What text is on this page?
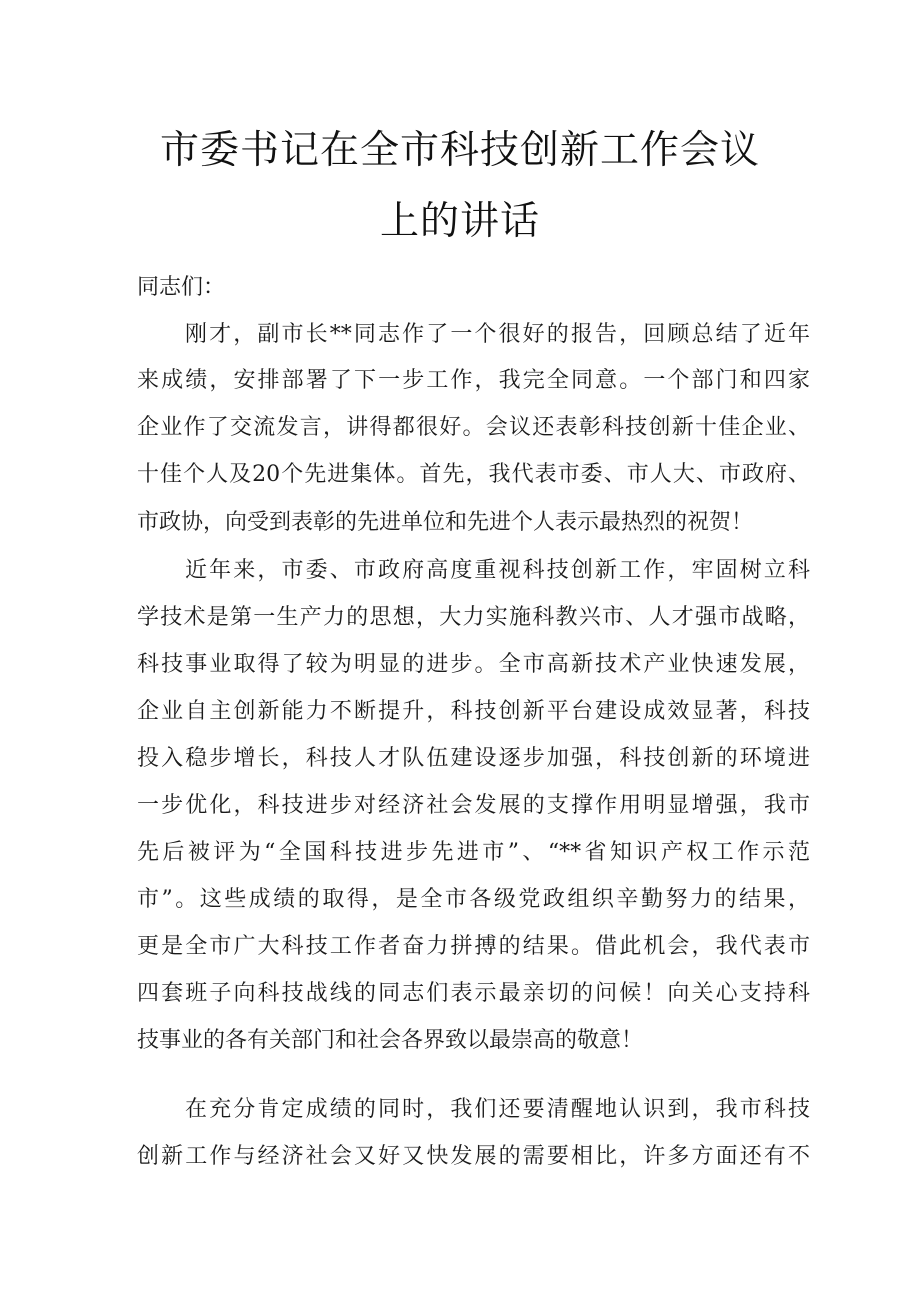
市委书记在全市科技创新工作会议
上的讲话
同志们：
刚才，副市长**同志作了一个很好的报告，回顾总结了近年
来成绩，安排部署了下一步工作，我完全同意。一个部门和四家
企业作了交流发言，讲得都很好。会议还表彰科技创新十佳企业、
十佳个人及20个先进集体。首先，我代表市委、市人大、市政府、
市政协，向受到表彰的先进单位和先进个人表示最热烈的祝贺！
近年来，市委、市政府高度重视科技创新工作，牢固树立科
学技术是第一生产力的思想，大力实施科教兴市、人才强市战略，
科技事业取得了较为明显的进步。全市高新技术产业快速发展，
企业自主创新能力不断提升，科技创新平台建设成效显著，科技
投入稳步增长，科技人才队伍建设逐步加强，科技创新的环境进
一步优化，科技进步对经济社会发展的支撑作用明显增强，我市
先后被评为“全国科技进步先进市”、“**省知识产权工作示范
市”。这些成绩的取得，是全市各级党政组织辛勤努力的结果，
更是全市广大科技工作者奋力拼搏的结果。借此机会，我代表市
四套班子向科技战线的同志们表示最亲切的问候！向关心支持科
技事业的各有关部门和社会各界致以最崇高的敬意！
在充分肯定成绩的同时，我们还要清醒地认识到，我市科技
创新工作与经济社会又好又快发展的需要相比，许多方面还有不
